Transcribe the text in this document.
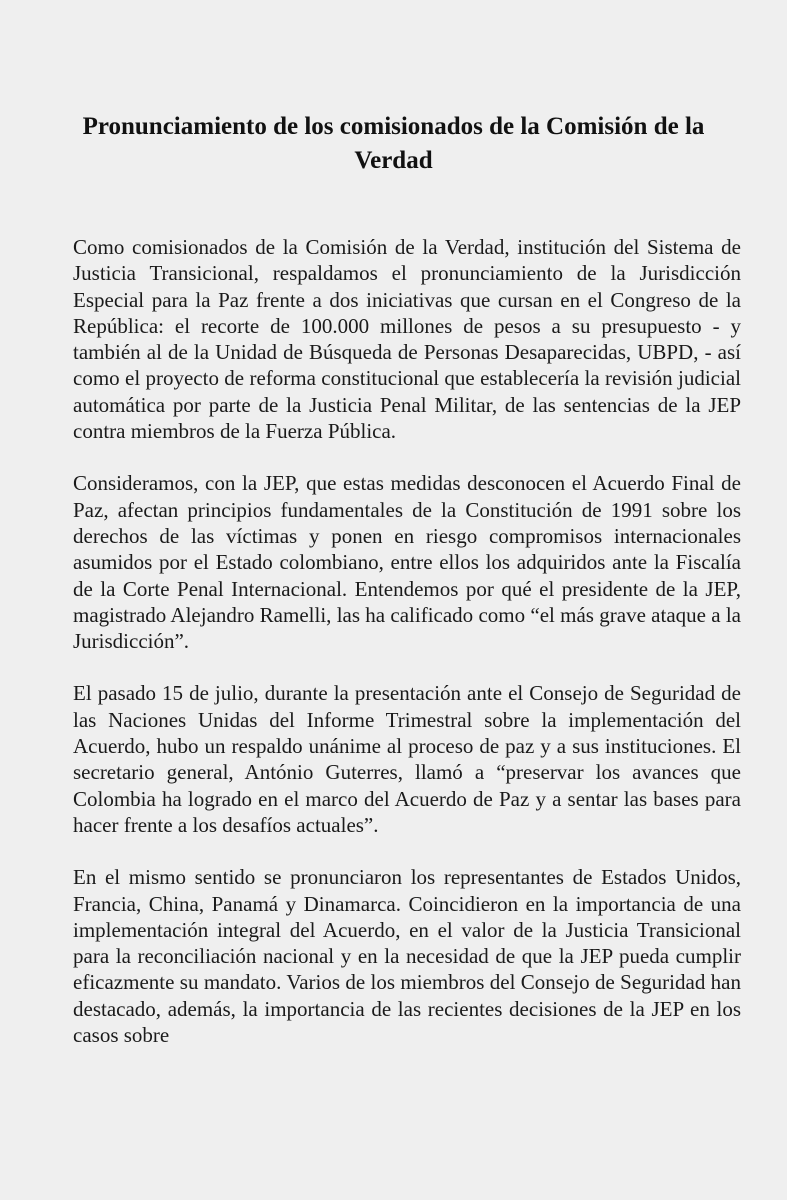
Pronunciamiento de los comisionados de la Comisión de la Verdad

Como comisionados de la Comisión de la Verdad, institución del Sistema de Justicia Transicional, respaldamos el pronunciamiento de la Jurisdicción Especial para la Paz frente a dos iniciativas que cursan en el Congreso de la República: el recorte de 100.000 millones de pesos a su presupuesto - y también al de la Unidad de Búsqueda de Personas Desaparecidas, UBPD, - así como el proyecto de reforma constitucional que establecería la revisión judicial automática por parte de la Justicia Penal Militar, de las sentencias de la JEP contra miembros de la Fuerza Pública.

Consideramos, con la JEP, que estas medidas desconocen el Acuerdo Final de Paz, afectan principios fundamentales de la Constitución de 1991 sobre los derechos de las víctimas y ponen en riesgo compromisos internacionales asumidos por el Estado colombiano, entre ellos los adquiridos ante la Fiscalía de la Corte Penal Internacional. Entendemos por qué el presidente de la JEP, magistrado Alejandro Ramelli, las ha calificado como “el más grave ataque a la Jurisdicción”.

El pasado 15 de julio, durante la presentación ante el Consejo de Seguridad de las Naciones Unidas del Informe Trimestral sobre la implementación del Acuerdo, hubo un respaldo unánime al proceso de paz y a sus instituciones. El secretario general, António Guterres, llamó a “preservar los avances que Colombia ha logrado en el marco del Acuerdo de Paz y a sentar las bases para hacer frente a los desafíos actuales”.

En el mismo sentido se pronunciaron los representantes de Estados Unidos, Francia, China, Panamá y Dinamarca. Coincidieron en la importancia de una implementación integral del Acuerdo, en el valor de la Justicia Transicional para la reconciliación nacional y en la necesidad de que la JEP pueda cumplir eficazmente su mandato. Varios de los miembros del Consejo de Seguridad han destacado, además, la importancia de las recientes decisiones de la JEP en los casos sobre
